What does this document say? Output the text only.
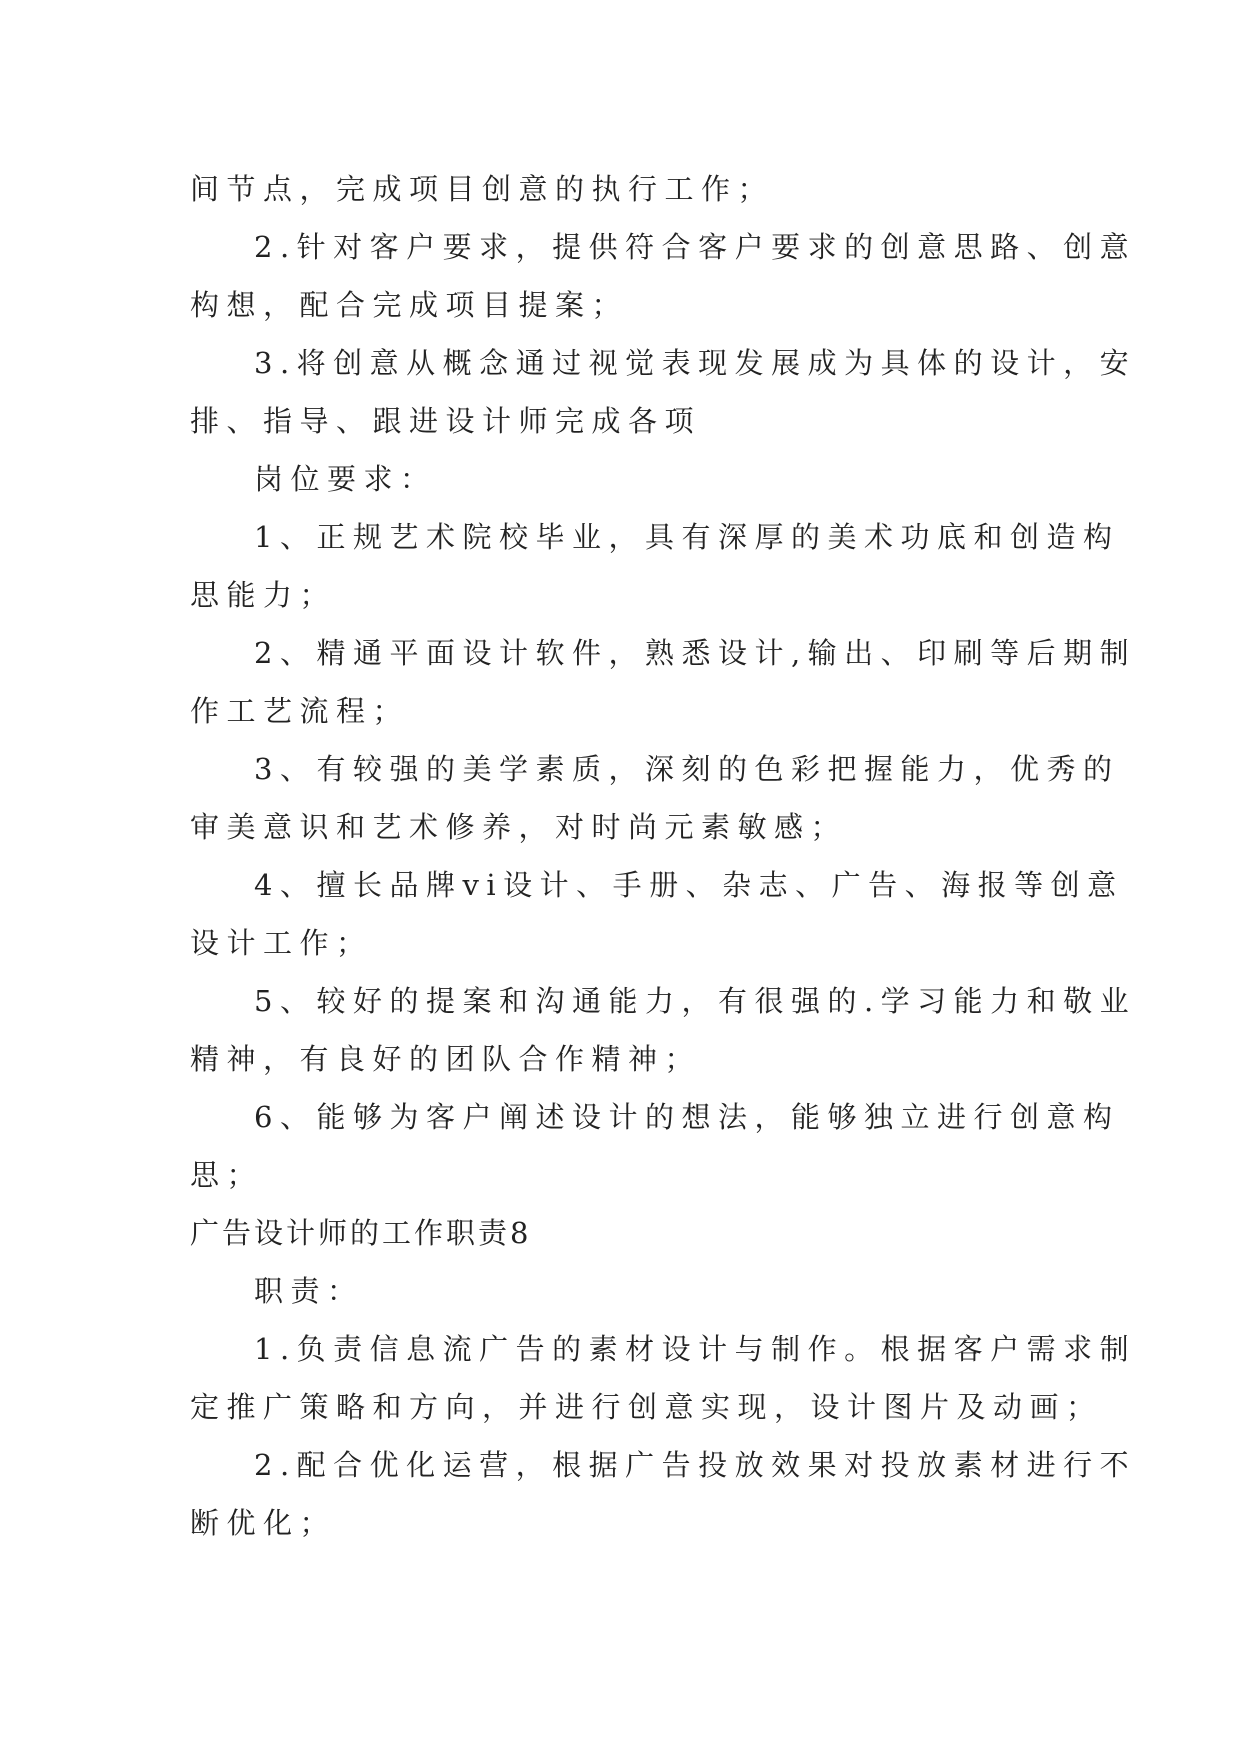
间节点，完成项目创意的执行工作；
2.针对客户要求，提供符合客户要求的创意思路、创意
构想，配合完成项目提案；
3.将创意从概念通过视觉表现发展成为具体的设计，安
排、指导、跟进设计师完成各项
岗位要求：
1、正规艺术院校毕业，具有深厚的美术功底和创造构
思能力；
2、精通平面设计软件，熟悉设计,输出、印刷等后期制
作工艺流程；
3、有较强的美学素质，深刻的色彩把握能力，优秀的
审美意识和艺术修养，对时尚元素敏感；
4、擅长品牌vi设计、手册、杂志、广告、海报等创意
设计工作；
5、较好的提案和沟通能力，有很强的.学习能力和敬业
精神，有良好的团队合作精神；
6、能够为客户阐述设计的想法，能够独立进行创意构
思；
广告设计师的工作职责8
职责：
1.负责信息流广告的素材设计与制作。根据客户需求制
定推广策略和方向，并进行创意实现，设计图片及动画；
2.配合优化运营，根据广告投放效果对投放素材进行不
断优化；
